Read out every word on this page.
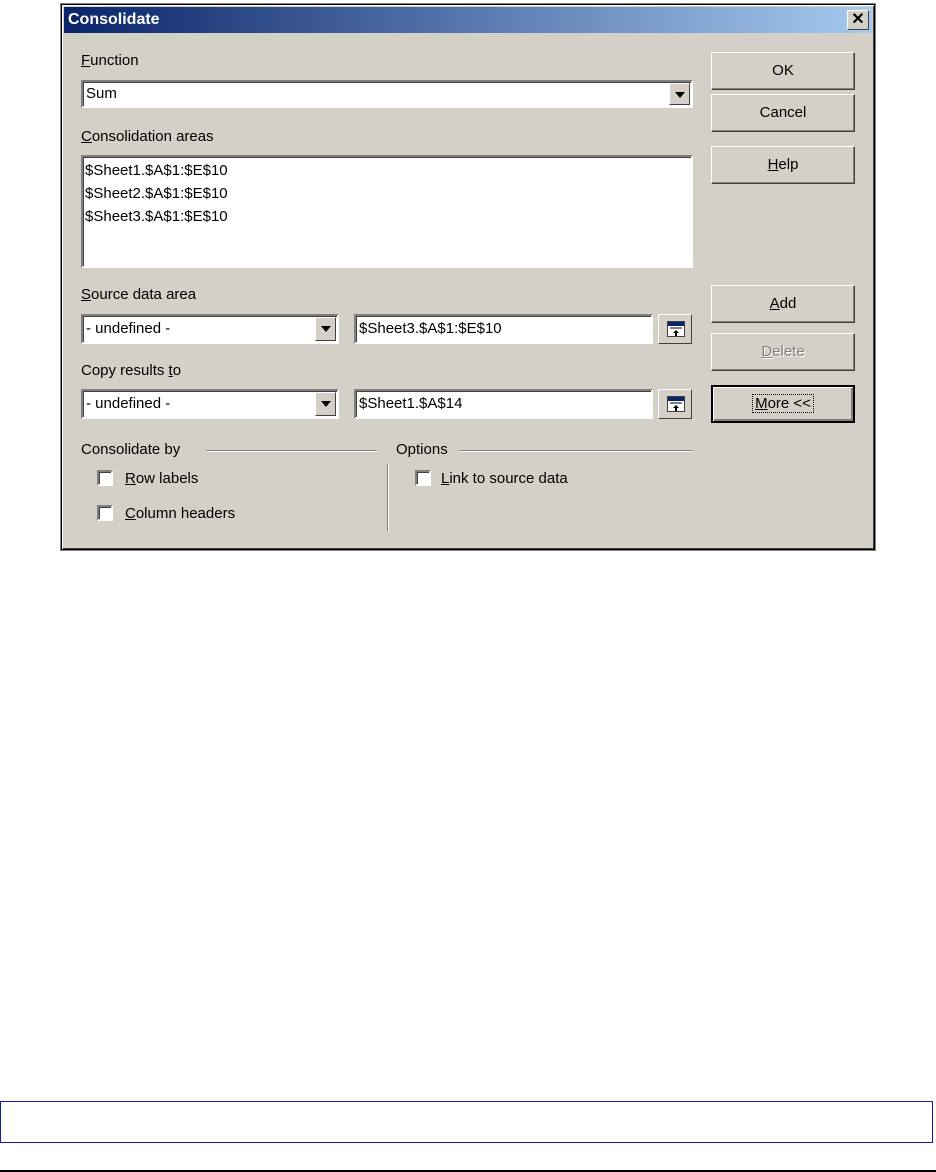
Consolidate	✕
Function
Sum
Consolidation areas
$Sheet1.$A$1:$E$10
$Sheet2.$A$1:$E$10
$Sheet3.$A$1:$E$10
Source data area
- undefined -	$Sheet3.$A$1:$E$10
Copy results to
- undefined -	$Sheet1.$A$14
Consolidate by
Row labels
Column headers
Options
Link to source data
OK
Cancel
Help
Add
Delete
More <<
